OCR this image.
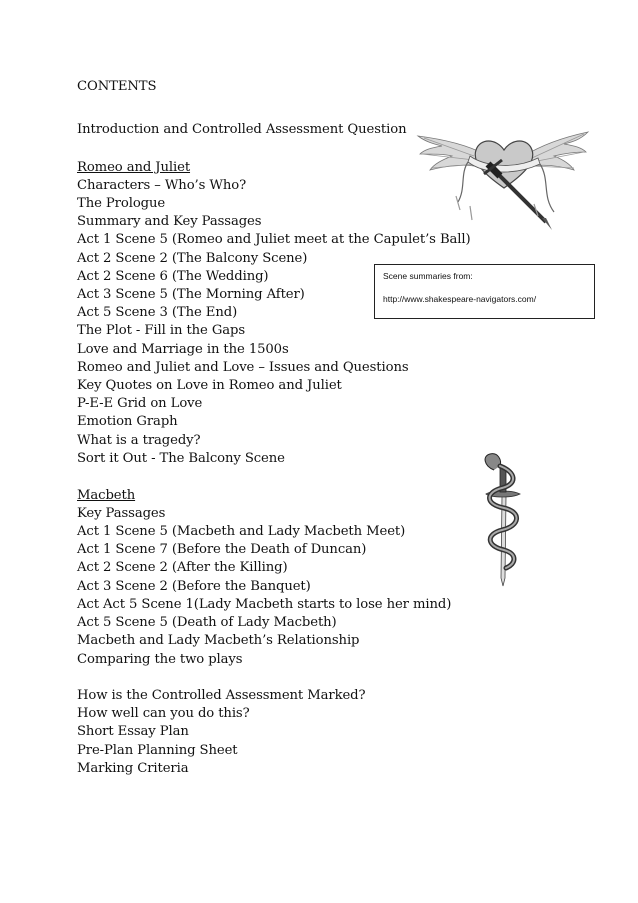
CONTENTS
Introduction and Controlled Assessment Question
Romeo and Juliet
Characters – Who’s Who?
The Prologue
Summary and Key Passages
Act 1 Scene 5 (Romeo and Juliet meet at the Capulet’s Ball)
Act 2 Scene 2 (The Balcony Scene)
Act 2 Scene 6 (The Wedding)
Act 3 Scene 5 (The Morning After)
Act 5 Scene 3 (The End)
The Plot - Fill in the Gaps
Love and Marriage in the 1500s
Romeo and Juliet and Love – Issues and Questions
Key Quotes on Love in Romeo and Juliet
P-E-E Grid on Love
Emotion Graph
What is a tragedy?
Sort it Out - The Balcony Scene
Macbeth
Key Passages
Act 1 Scene 5 (Macbeth and Lady Macbeth Meet)
Act 1 Scene 7 (Before the Death of Duncan)
Act 2 Scene 2 (After the Killing)
Act 3 Scene 2 (Before the Banquet)
Act Act 5 Scene 1(Lady Macbeth starts to lose her mind)
Act 5 Scene 5 (Death of Lady Macbeth)
Macbeth and Lady Macbeth’s Relationship
Comparing the two plays
How is the Controlled Assessment Marked?
How well can you do this?
Short Essay Plan
Pre-Plan Planning Sheet
Marking Criteria
Scene summaries from:
http://www.shakespeare-navigators.com/
